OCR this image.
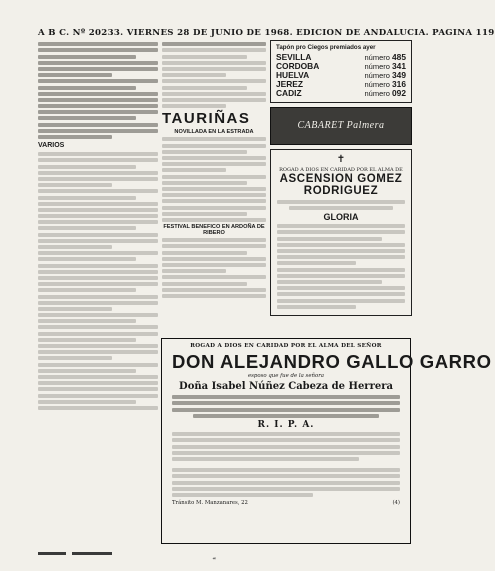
A B C. Nº 20233. VIERNES 28 DE JUNIO DE 1968. EDICION DE ANDALUCIA. PAGINA 119
VARIOS
TAURIÑAS
NOVILLADA EN LA ESTRADA
FESTIVAL BENEFICO EN ARDOÑA DE RIBERO
Tapón pro Ciegos premiados ayer
SEVILLA	número 485
CORDOBA	número 341
HUELVA	número 349
JEREZ	número 316
CADIZ	número 092
CABARET Palmera
✝
ROGAD A DIOS EN CARIDAD POR EL ALMA DE
ASCENSION GOMEZ
RODRIGUEZ
GLORIA
ROGAD A DIOS EN CARIDAD POR EL ALMA DEL SEÑOR
DON ALEJANDRO GALLO GARRO
esposo que fue de la señora
Doña Isabel Núñez Cabeza de Herrera
R. I. P. A.
Tránsito M. Manzanares, 22	(4)
☙
